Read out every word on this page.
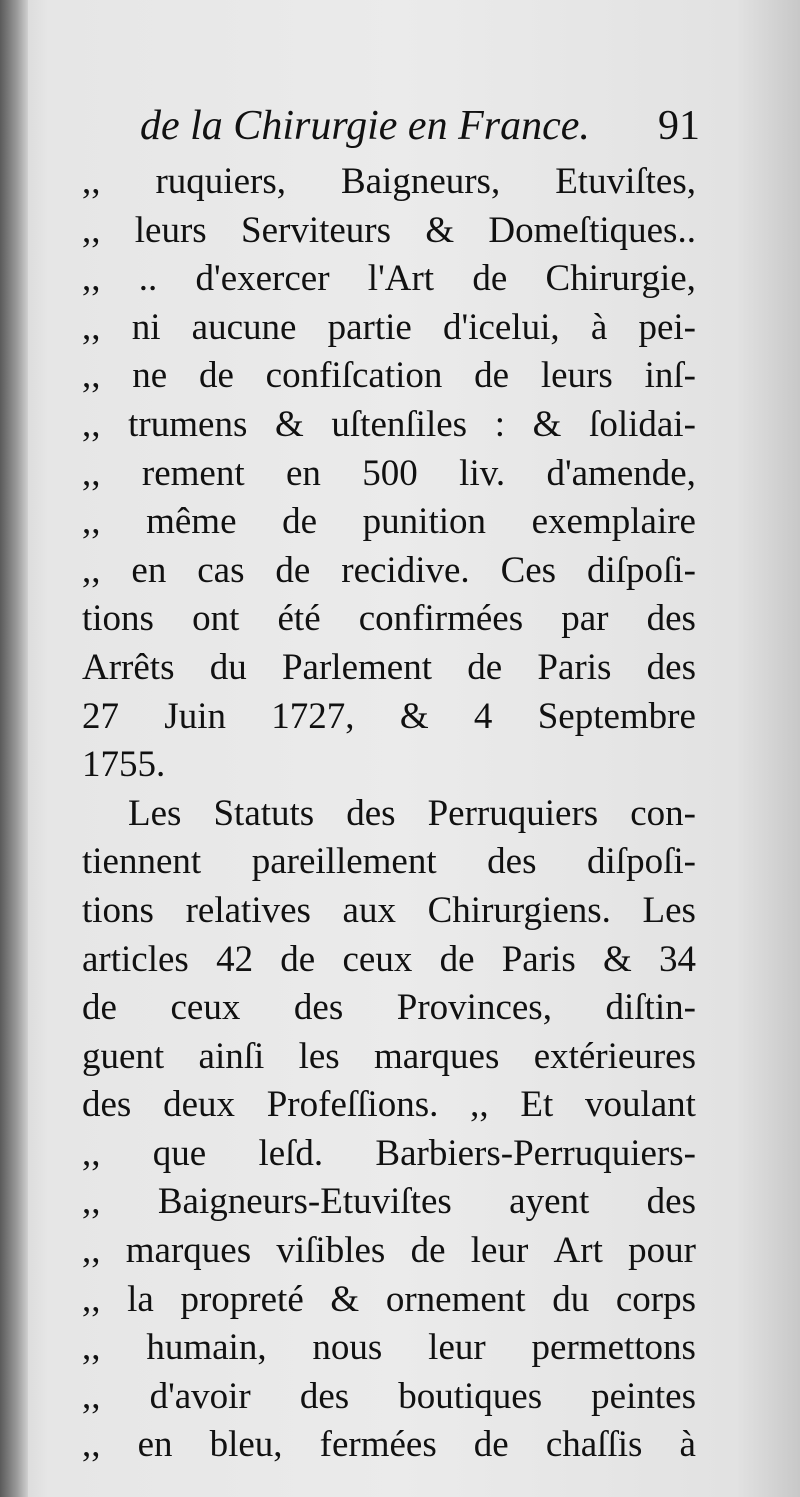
de la Chirurgie en France. 91
,, ruquiers, Baigneurs, Etuviſtes,
,, leurs Serviteurs & Domeſtiques..
,, .. d'exercer l'Art de Chirurgie,
,, ni aucune partie d'icelui, à pei-
,, ne de confiſcation de leurs inſ-
,, trumens & uſtenſiles : & ſolidai-
,, rement en 500 liv. d'amende,
,, même de punition exemplaire
,, en cas de recidive. Ces diſpoſi-
tions ont été confirmées par des
Arrêts du Parlement de Paris des
27 Juin 1727, & 4 Septembre
1755.
Les Statuts des Perruquiers con-
tiennent pareillement des diſpoſi-
tions relatives aux Chirurgiens. Les
articles 42 de ceux de Paris & 34
de ceux des Provinces, diſtin-
guent ainſi les marques extérieures
des deux Profeſſions. ,, Et voulant
,, que leſd. Barbiers-Perruquiers-
,, Baigneurs-Etuviſtes ayent des
,, marques viſibles de leur Art pour
,, la propreté & ornement du corps
,, humain, nous leur permettons
,, d'avoir des boutiques peintes
,, en bleu, fermées de chaſſis à
